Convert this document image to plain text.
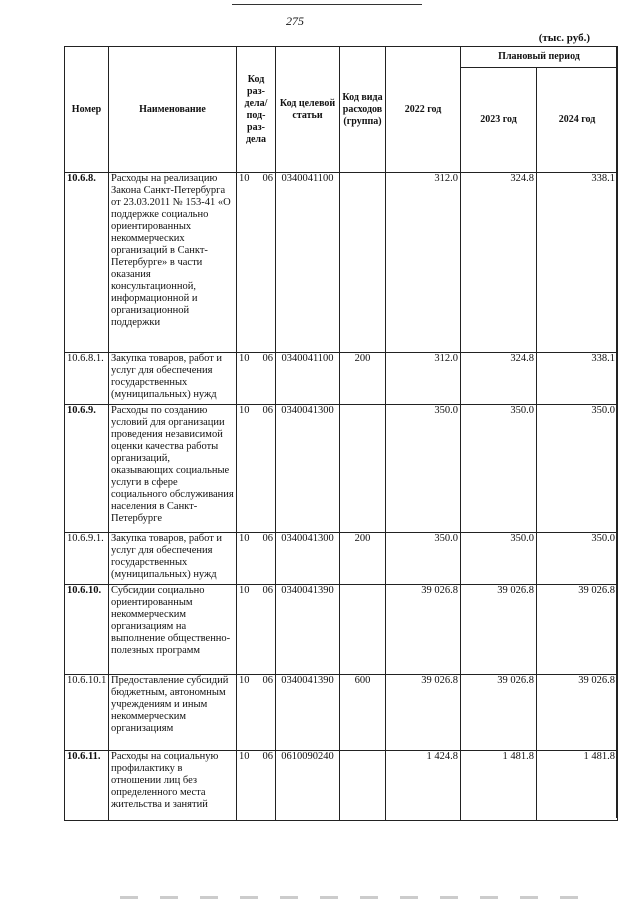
275
(тыс. руб.)
Номер	Наименование	Код раз-дела/ под-раз-дела	Код целевой статьи	Код вида расходов (группа)	2022 год	Плановый период	
						2023 год	2024 год
10.6.8.	Расходы на реализацию Закона Санкт-Петербурга от 23.03.2011 № 153-41 «О поддержке социально ориентированных некоммерческих организаций в Санкт-Петербурге» в части оказания консультационной, информационной и организационной поддержки	10 06	0340041100		312.0	324.8	338.1
10.6.8.1.	Закупка товаров, работ и услуг для обеспечения государственных (муниципальных) нужд	10 06	0340041100	200	312.0	324.8	338.1
10.6.9.	Расходы по созданию условий для организации проведения независимой оценки качества работы организаций, оказывающих социальные услуги в сфере социального обслуживания населения в Санкт-Петербурге	10 06	0340041300		350.0	350.0	350.0
10.6.9.1.	Закупка товаров, работ и услуг для обеспечения государственных (муниципальных) нужд	10 06	0340041300	200	350.0	350.0	350.0
10.6.10.	Субсидии социально ориентированным некоммерческим организациям на выполнение общественно-полезных программ	10 06	0340041390		39 026.8	39 026.8	39 026.8
10.6.10.1	Предоставление субсидий бюджетным, автономным учреждениям и иным некоммерческим организациям	10 06	0340041390	600	39 026.8	39 026.8	39 026.8
10.6.11.	Расходы на социальную профилактику в отношении лиц без определенного места жительства и занятий	10 06	0610090240		1 424.8	1 481.8	1 481.8
